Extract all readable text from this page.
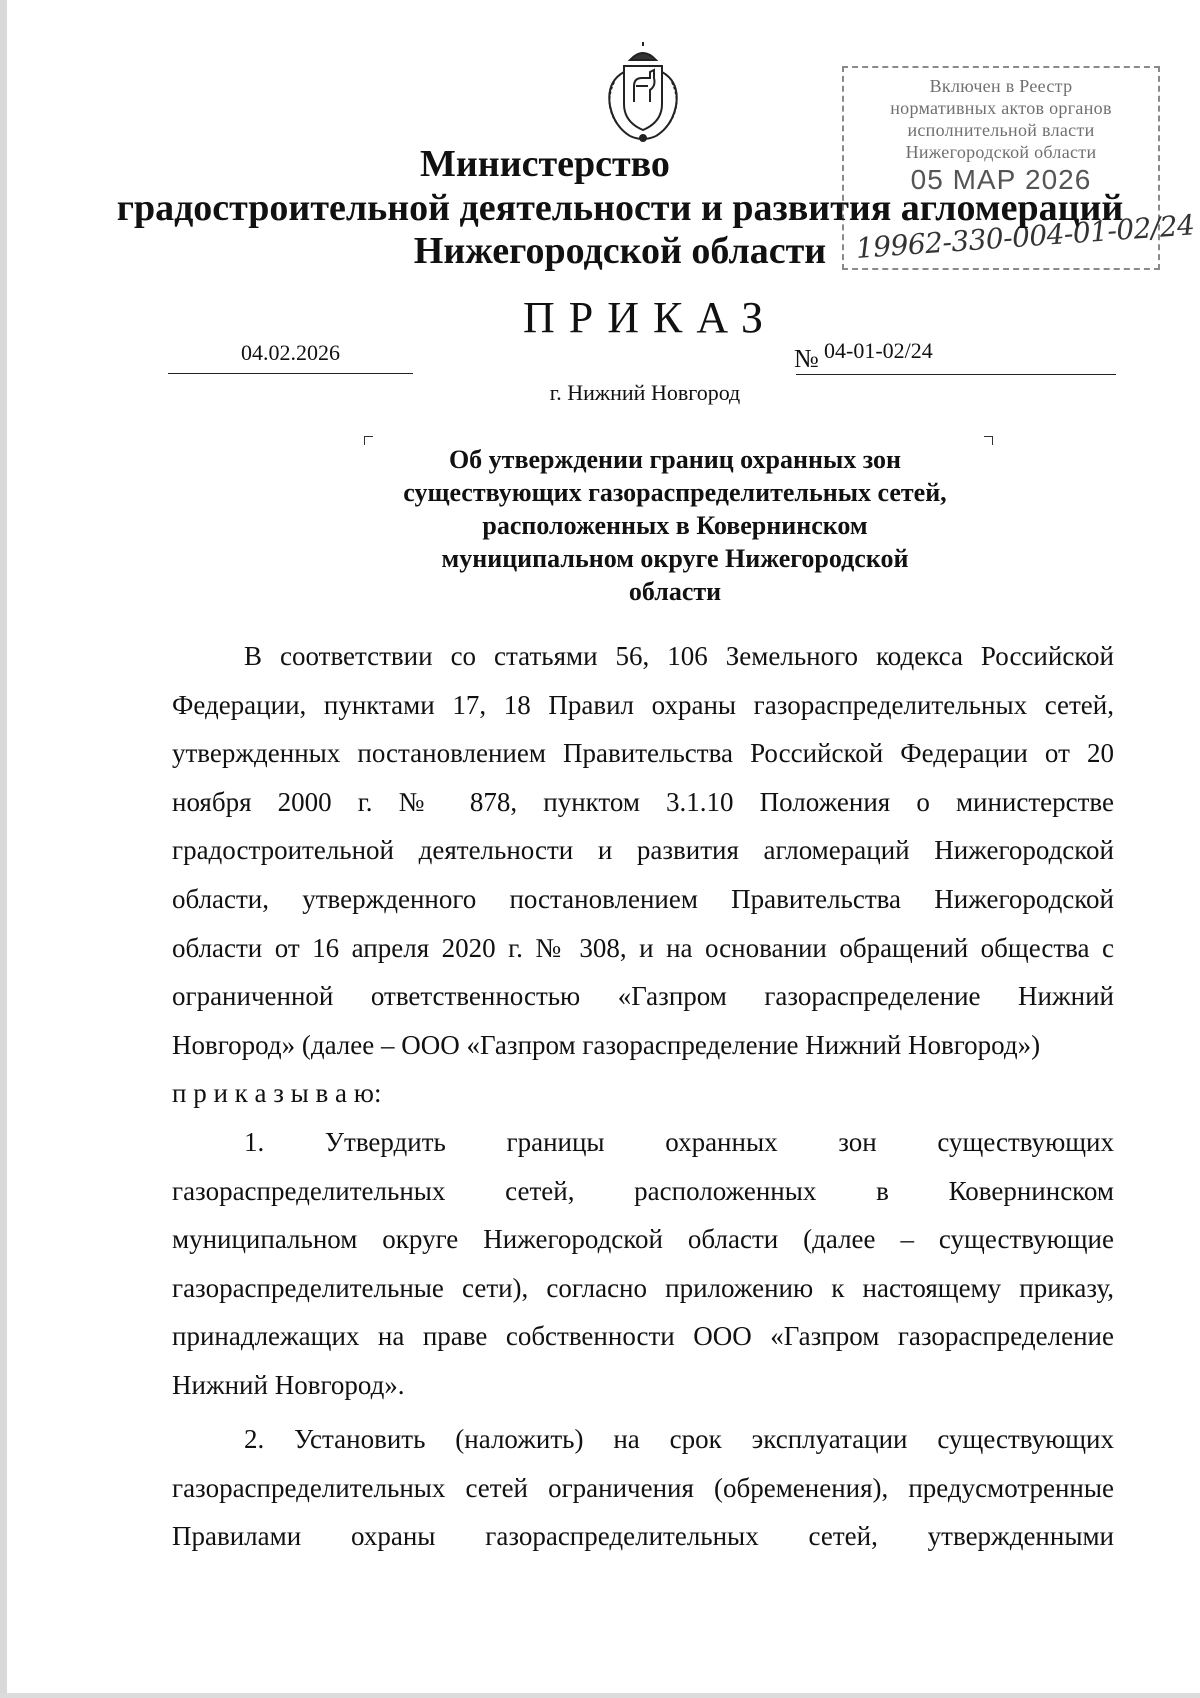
Включен в Реестр
нормативных актов органов
исполнительной власти
Нижегородской области
05 МАР 2026
19962-330-004-01-02/24
Министерство
градостроительной деятельности и развития агломераций
Нижегородской области
ПРИКАЗ
04.02.2026	№ 04-01-02/24
г. Нижний Новгород
Об утверждении границ охранных зон
существующих газораспределительных сетей,
расположенных в Ковернинском
муниципальном округе Нижегородской
области
В соответствии со статьями 56, 106 Земельного кодекса Российской
Федерации, пунктами 17, 18 Правил охраны газораспределительных сетей,
утвержденных постановлением Правительства Российской Федерации от 20
ноября 2000 г. № 878, пунктом 3.1.10 Положения о министерстве
градостроительной деятельности и развития агломераций Нижегородской
области, утвержденного постановлением Правительства Нижегородской
области от 16 апреля 2020 г. № 308, и на основании обращений общества с
ограниченной ответственностью «Газпром газораспределение Нижний
Новгород» (далее – ООО «Газпром газораспределение Нижний Новгород»)
п р и к а з ы в а ю:
1. Утвердить границы охранных зон существующих
газораспределительных сетей, расположенных в Ковернинском
муниципальном округе Нижегородской области (далее – существующие
газораспределительные сети), согласно приложению к настоящему приказу,
принадлежащих на праве собственности ООО «Газпром газораспределение
Нижний Новгород».
2. Установить (наложить) на срок эксплуатации существующих
газораспределительных сетей ограничения (обременения), предусмотренные
Правилами охраны газораспределительных сетей, утвержденными
